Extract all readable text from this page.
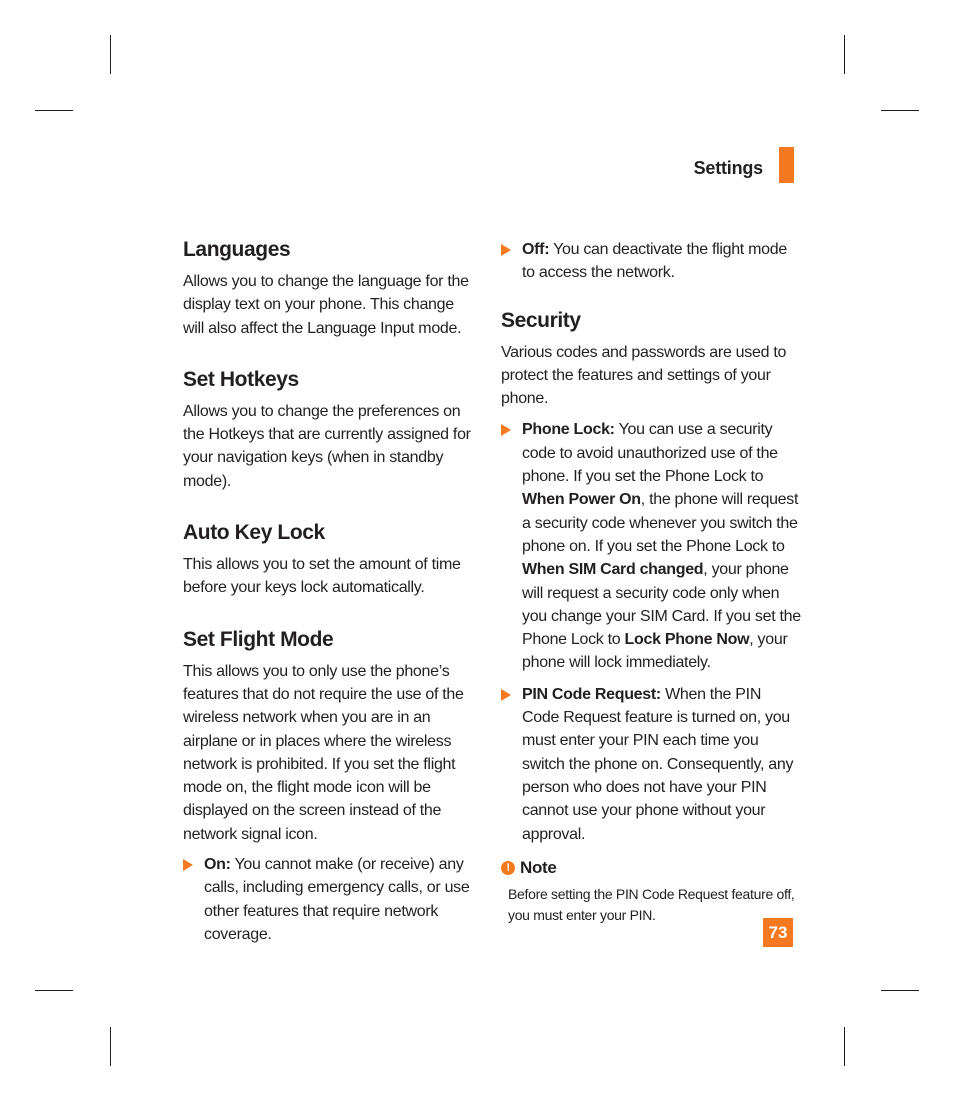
Settings
Languages

Allows you to change the language for the display text on your phone. This change will also affect the Language Input mode.

Set Hotkeys

Allows you to change the preferences on the Hotkeys that are currently assigned for your navigation keys (when in standby mode).

Auto Key Lock

This allows you to set the amount of time before your keys lock automatically.

Set Flight Mode

This allows you to only use the phone’s features that do not require the use of the wireless network when you are in an airplane or in places where the wireless network is prohibited. If you set the flight mode on, the flight mode icon will be displayed on the screen instead of the network signal icon.

On: You cannot make (or receive) any calls, including emergency calls, or use other features that require network coverage.
Off: You can deactivate the flight mode to access the network.
Security

Various codes and passwords are used to protect the features and settings of your phone.

Phone Lock: You can use a security code to avoid unauthorized use of the phone. If you set the Phone Lock to When Power On, the phone will request a security code whenever you switch the phone on. If you set the Phone Lock to When SIM Card changed, your phone will request a security code only when you change your SIM Card. If you set the Phone Lock to Lock Phone Now, your phone will lock immediately.
PIN Code Request: When the PIN Code Request feature is turned on, you must enter your PIN each time you switch the phone on. Consequently, any person who does not have your PIN cannot use your phone without your approval.
! Note

Before setting the PIN Code Request feature off, you must enter your PIN.

73
